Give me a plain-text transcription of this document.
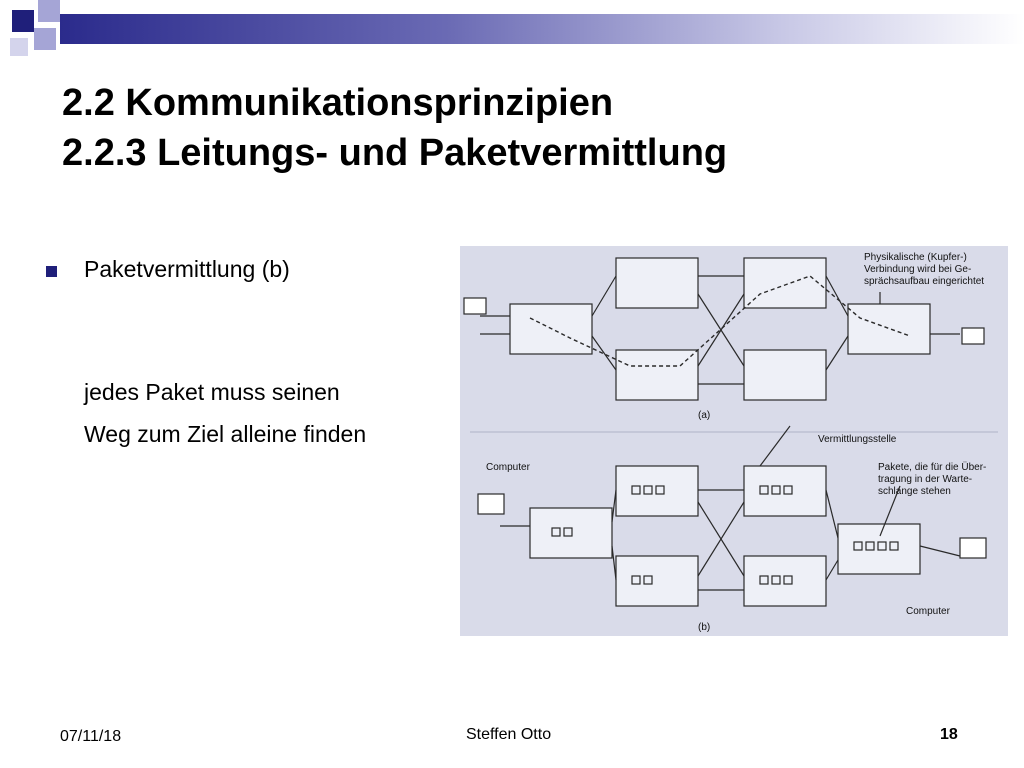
2.2 Kommunikationsprinzipien
2.2.3 Leitungs- und Paketvermittlung
Paketvermittlung (b)
jedes Paket muss seinen
Weg zum Ziel alleine finden
Physikalische (Kupfer-)
Verbindung wird bei Ge-
sprächsaufbau eingerichtet
(a)
Vermittlungsstelle
Computer	Pakete, die für die Über-
tragung in der Warte-
schlange stehen
Computer
(b)
07/11/18	Steffen Otto	18
